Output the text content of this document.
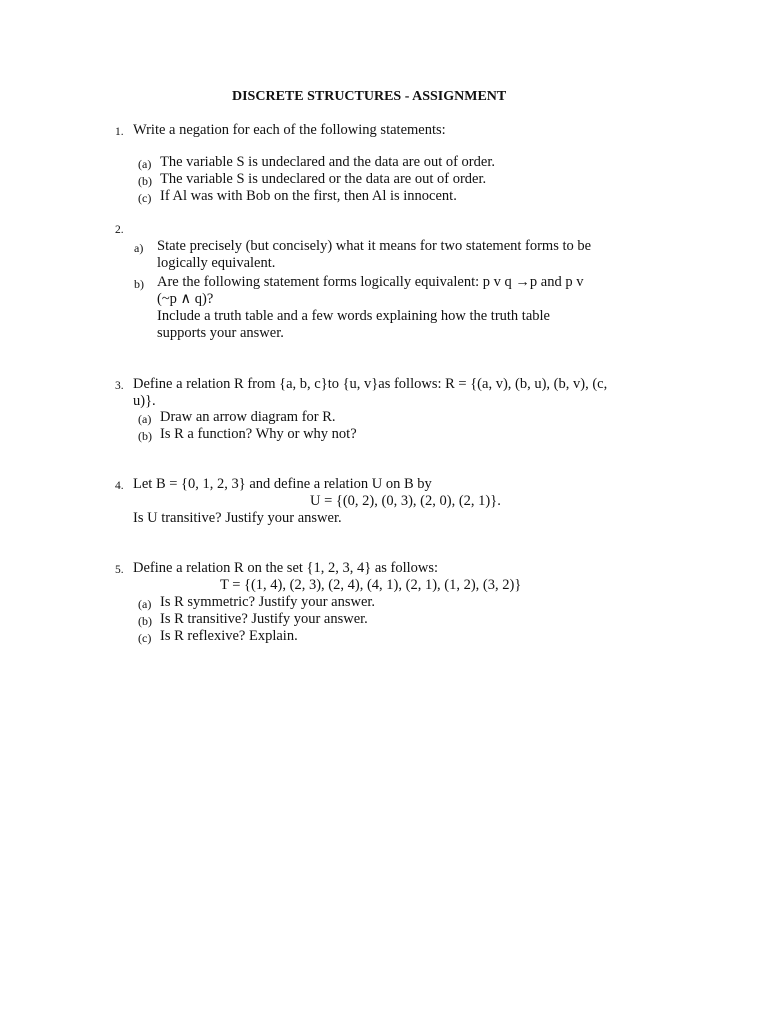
DISCRETE STRUCTURES - ASSIGNMENT
1. Write a negation for each of the following statements:
(a) The variable S is undeclared and the data are out of order.
(b) The variable S is undeclared or the data are out of order.
(c) If Al was with Bob on the first, then Al is innocent.
2.
a) State precisely (but concisely) what it means for two statement forms to be
logically equivalent.
b) Are the following statement forms logically equivalent: p v q →p and p v
(~p ∧ q)?
Include a truth table and a few words explaining how the truth table
supports your answer.
3. Define a relation R from {a, b, c}to {u, v}as follows: R = {(a, v), (b, u), (b, v), (c,
u)}.
(a) Draw an arrow diagram for R.
(b) Is R a function? Why or why not?
4. Let B = {0, 1, 2, 3} and define a relation U on B by
U = {(0, 2), (0, 3), (2, 0), (2, 1)}.
Is U transitive? Justify your answer.
5. Define a relation R on the set {1, 2, 3, 4} as follows:
T = {(1, 4), (2, 3), (2, 4), (4, 1), (2, 1), (1, 2), (3, 2)}
(a) Is R symmetric? Justify your answer.
(b) Is R transitive? Justify your answer.
(c) Is R reflexive? Explain.
